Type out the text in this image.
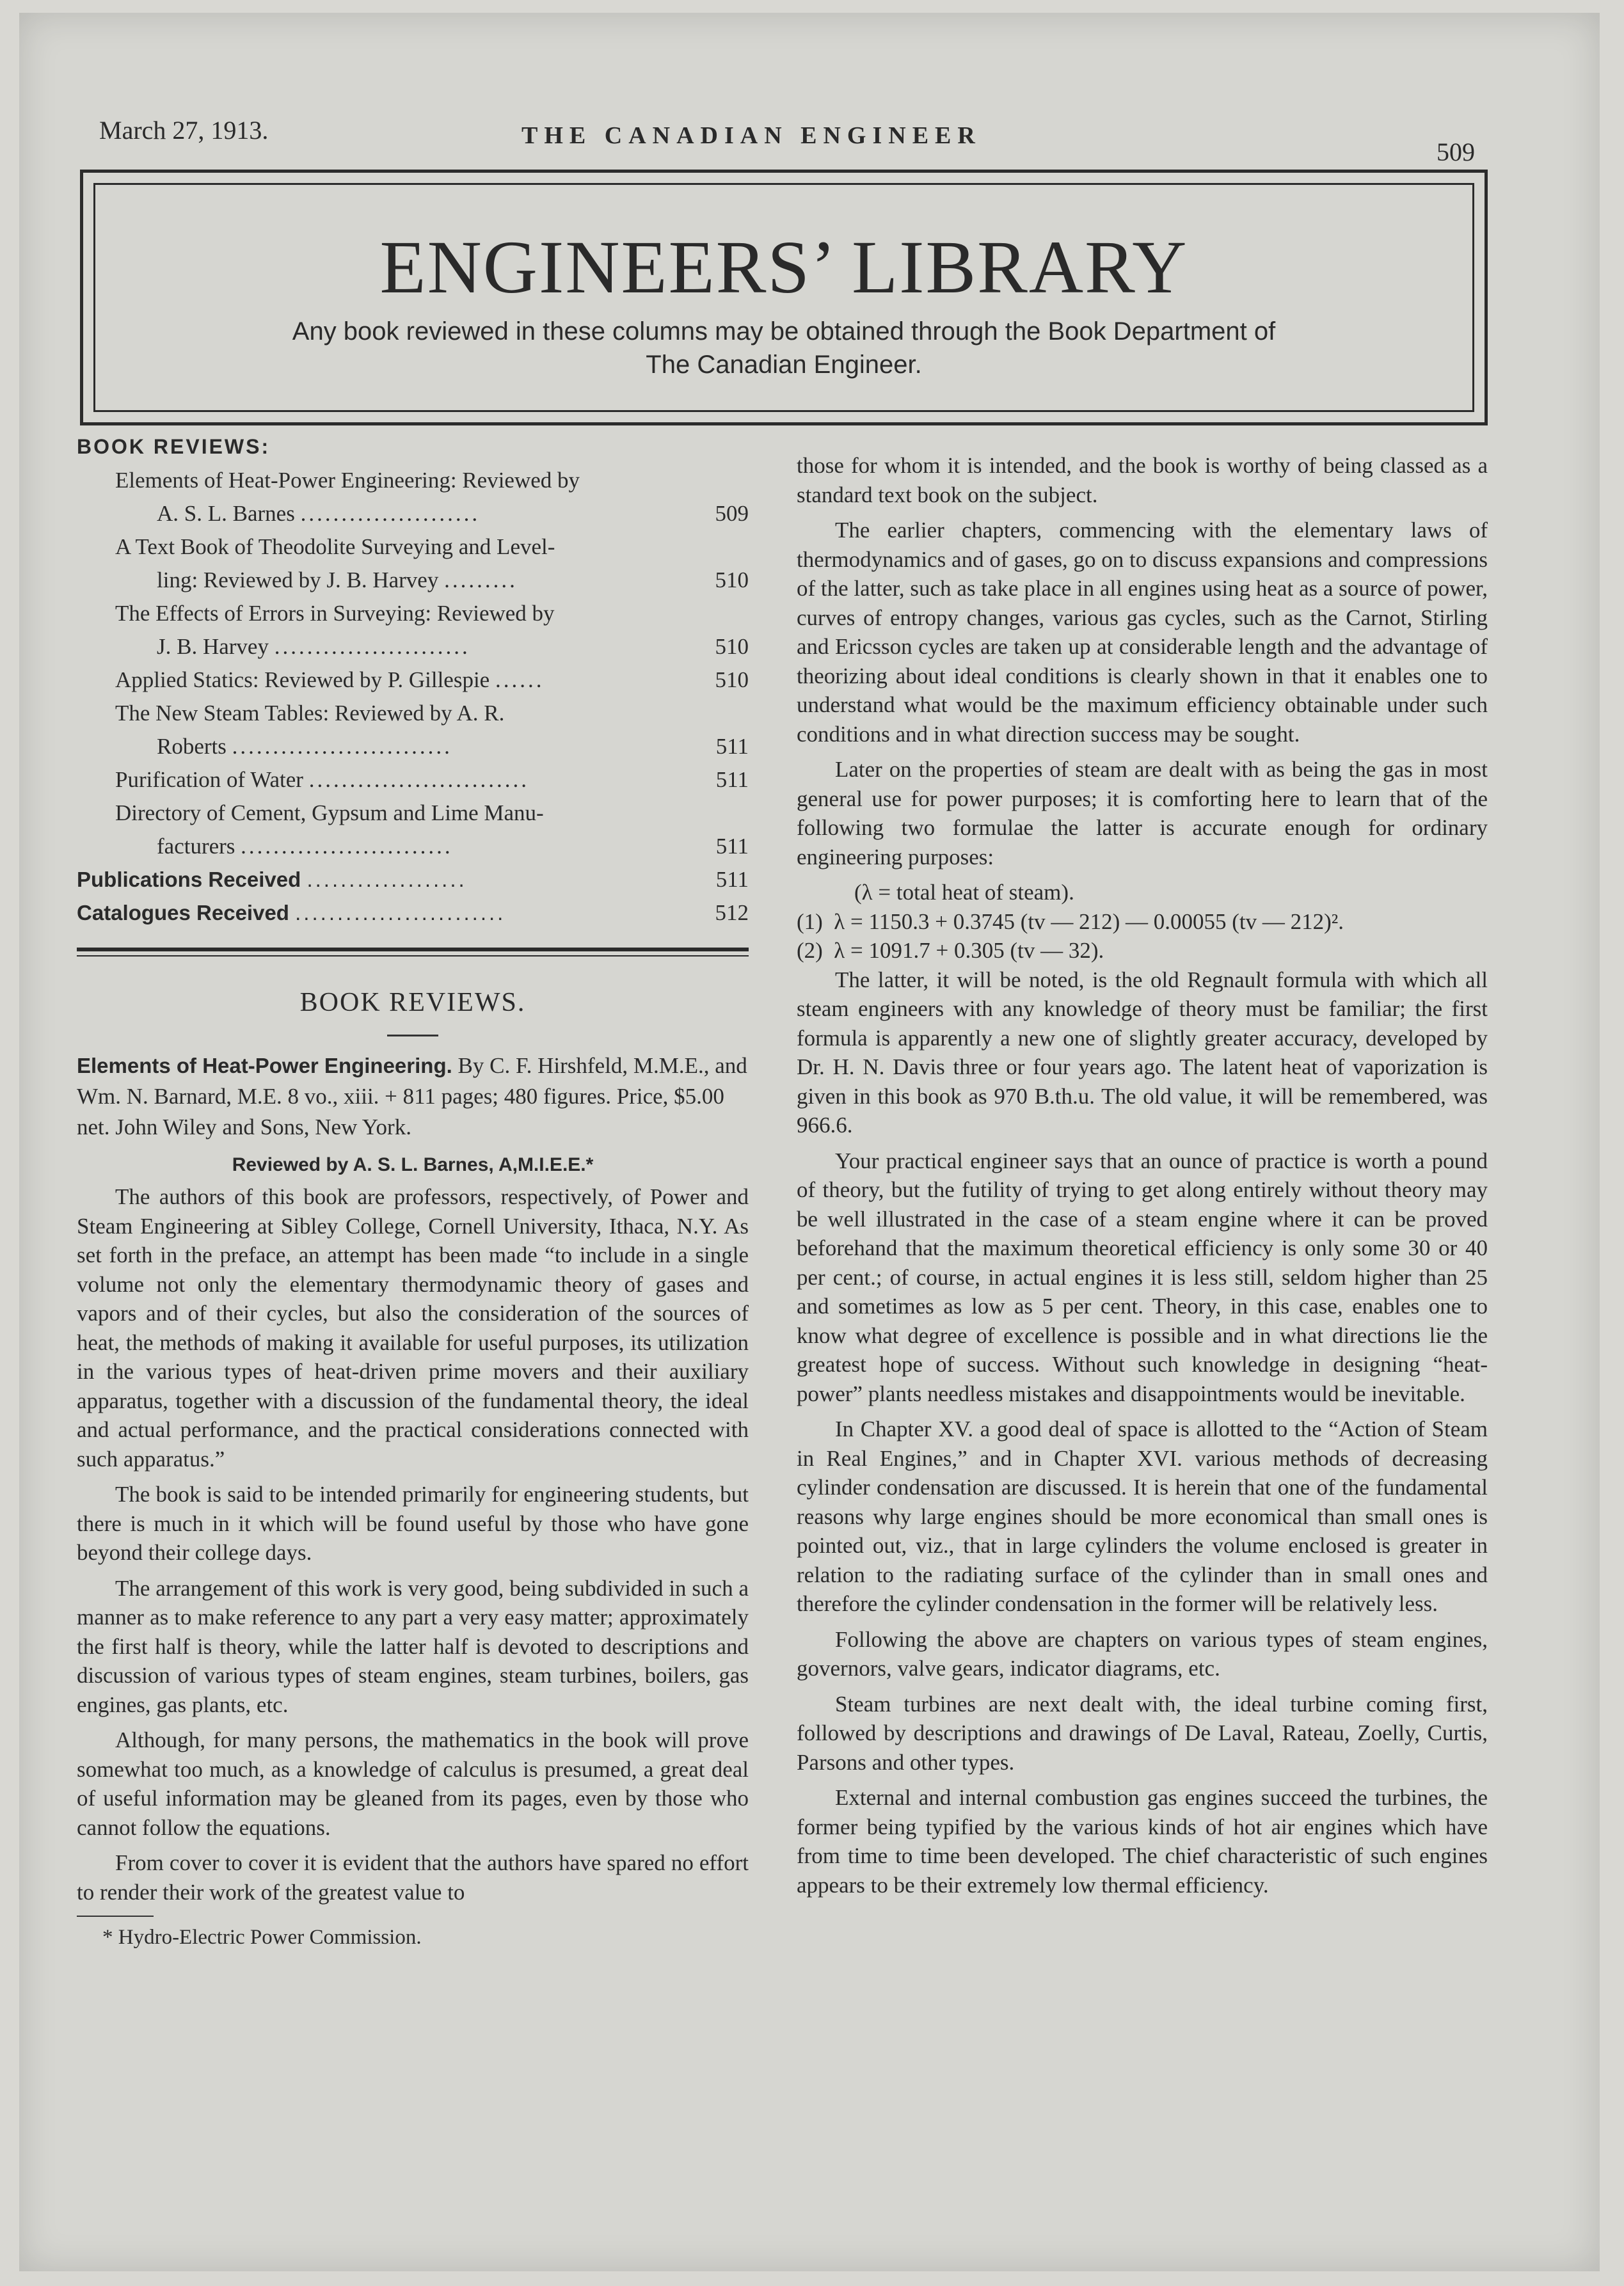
March 27, 1913.	THE CANADIAN ENGINEER
509
ENGINEERS’ LIBRARY
Any book reviewed in these columns may be obtained through the Book Department of
The Canadian Engineer.
BOOK REVIEWS:
Elements of Heat-Power Engineering: Reviewed by
A. S. L. Barnes ......................	509
A Text Book of Theodolite Surveying and Level-
ling: Reviewed by J. B. Harvey .........	510
The Effects of Errors in Surveying: Reviewed by
J. B. Harvey ........................	510
Applied Statics: Reviewed by P. Gillespie ......	510
The New Steam Tables: Reviewed by A. R.
Roberts ...........................	511
Purification of Water ...........................	511
Directory of Cement, Gypsum and Lime Manu-
facturers ..........................	511
Publications Received ...................	511
Catalogues Received .........................	512
BOOK REVIEWS.
Elements of Heat-Power Engineering. By C. F. Hirshfeld, M.M.E., and Wm. N. Barnard, M.E. 8 vo., xiii. + 811 pages; 480 figures. Price, $5.00 net. John Wiley and Sons, New York.
Reviewed by A. S. L. Barnes, A,M.I.E.E.*

The authors of this book are professors, respectively, of Power and Steam Engineering at Sibley College, Cornell University, Ithaca, N.Y. As set forth in the preface, an attempt has been made “to include in a single volume not only the elementary thermodynamic theory of gases and vapors and of their cycles, but also the consideration of the sources of heat, the methods of making it available for useful purposes, its utilization in the various types of heat-driven prime movers and their auxiliary apparatus, together with a discussion of the fundamental theory, the ideal and actual performance, and the practical considerations connected with such apparatus.”

The book is said to be intended primarily for engineering students, but there is much in it which will be found useful by those who have gone beyond their college days.

The arrangement of this work is very good, being subdivided in such a manner as to make reference to any part a very easy matter; approximately the first half is theory, while the latter half is devoted to descriptions and discussion of various types of steam engines, steam turbines, boilers, gas engines, gas plants, etc.

Although, for many persons, the mathematics in the book will prove somewhat too much, as a knowledge of calculus is presumed, a great deal of useful information may be gleaned from its pages, even by those who cannot follow the equations.

From cover to cover it is evident that the authors have spared no effort to render their work of the greatest value to

* Hydro-Electric Power Commission.

those for whom it is intended, and the book is worthy of being classed as a standard text book on the subject.

The earlier chapters, commencing with the elementary laws of thermodynamics and of gases, go on to discuss expansions and compressions of the latter, such as take place in all engines using heat as a source of power, curves of entropy changes, various gas cycles, such as the Carnot, Stirling and Ericsson cycles are taken up at considerable length and the advantage of theorizing about ideal conditions is clearly shown in that it enables one to understand what would be the maximum efficiency obtainable under such conditions and in what direction success may be sought.

Later on the properties of steam are dealt with as being the gas in most general use for power purposes; it is comforting here to learn that of the following two formulae the latter is accurate enough for ordinary engineering purposes:

(λ = total heat of steam).
(1)  λ = 1150.3 + 0.3745 (tv — 212) — 0.00055 (tv — 212)².
(2)  λ = 1091.7 + 0.305 (tv — 32).

The latter, it will be noted, is the old Regnault formula with which all steam engineers with any knowledge of theory must be familiar; the first formula is apparently a new one of slightly greater accuracy, developed by Dr. H. N. Davis three or four years ago. The latent heat of vaporization is given in this book as 970 B.th.u. The old value, it will be remembered, was 966.6.

Your practical engineer says that an ounce of practice is worth a pound of theory, but the futility of trying to get along entirely without theory may be well illustrated in the case of a steam engine where it can be proved beforehand that the maximum theoretical efficiency is only some 30 or 40 per cent.; of course, in actual engines it is less still, seldom higher than 25 and sometimes as low as 5 per cent. Theory, in this case, enables one to know what degree of excellence is possible and in what directions lie the greatest hope of success. Without such knowledge in designing “heat-power” plants needless mistakes and disappointments would be inevitable.

In Chapter XV. a good deal of space is allotted to the “Action of Steam in Real Engines,” and in Chapter XVI. various methods of decreasing cylinder condensation are discussed. It is herein that one of the fundamental reasons why large engines should be more economical than small ones is pointed out, viz., that in large cylinders the volume enclosed is greater in relation to the radiating surface of the cylinder than in small ones and therefore the cylinder condensation in the former will be relatively less.

Following the above are chapters on various types of steam engines, governors, valve gears, indicator diagrams, etc.

Steam turbines are next dealt with, the ideal turbine coming first, followed by descriptions and drawings of De Laval, Rateau, Zoelly, Curtis, Parsons and other types.

External and internal combustion gas engines succeed the turbines, the former being typified by the various kinds of hot air engines which have from time to time been developed. The chief characteristic of such engines appears to be their extremely low thermal efficiency.
